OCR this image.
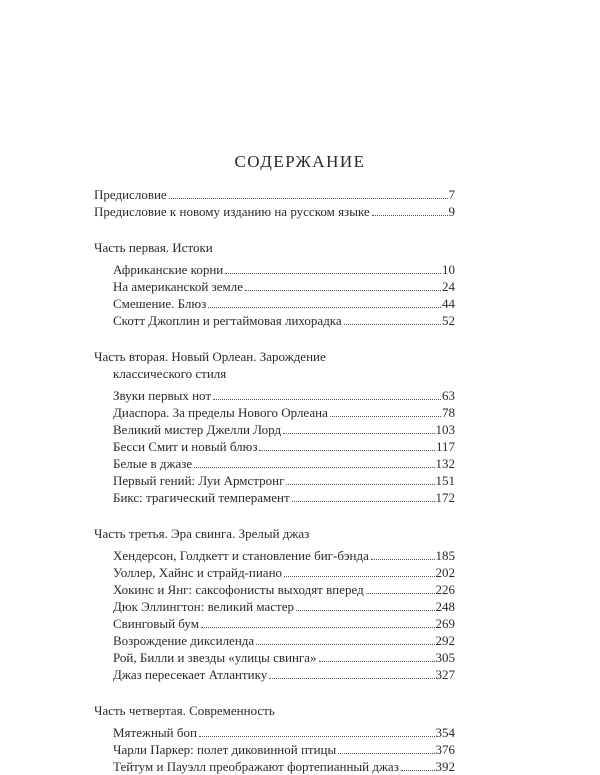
СОДЕРЖАНИЕ
Предисловие	7
Предисловие к новому изданию на русском языке	9
Часть первая. Истоки
Африканские корни	10
На американской земле	24
Смешение. Блюз	44
Скотт Джоплин и регтаймовая лихорадка	52
Часть вторая. Новый Орлеан. Зарождение
классического стиля
Звуки первых нот	63
Диаспора. За пределы Нового Орлеана	78
Великий мистер Джелли Лорд	103
Бесси Смит и новый блюз	117
Белые в джазе	132
Первый гений: Луи Армстронг	151
Бикс: трагический темперамент	172
Часть третья. Эра свинга. Зрелый джаз
Хендерсон, Голдкетт и становление биг-бэнда	185
Уоллер, Хайнс и страйд-пиано	202
Хокинс и Янг: саксофонисты выходят вперед	226
Дюк Эллингтон: великий мастер	248
Свинговый бум	269
Возрождение диксиленда	292
Рой, Билли и звезды «улицы свинга»	305
Джаз пересекает Атлантику	327
Часть четвертая. Современность
Мятежный боп	354
Чарли Паркер: полет диковинной птицы	376
Тейтум и Пауэлл преображают фортепианный джаз	392
